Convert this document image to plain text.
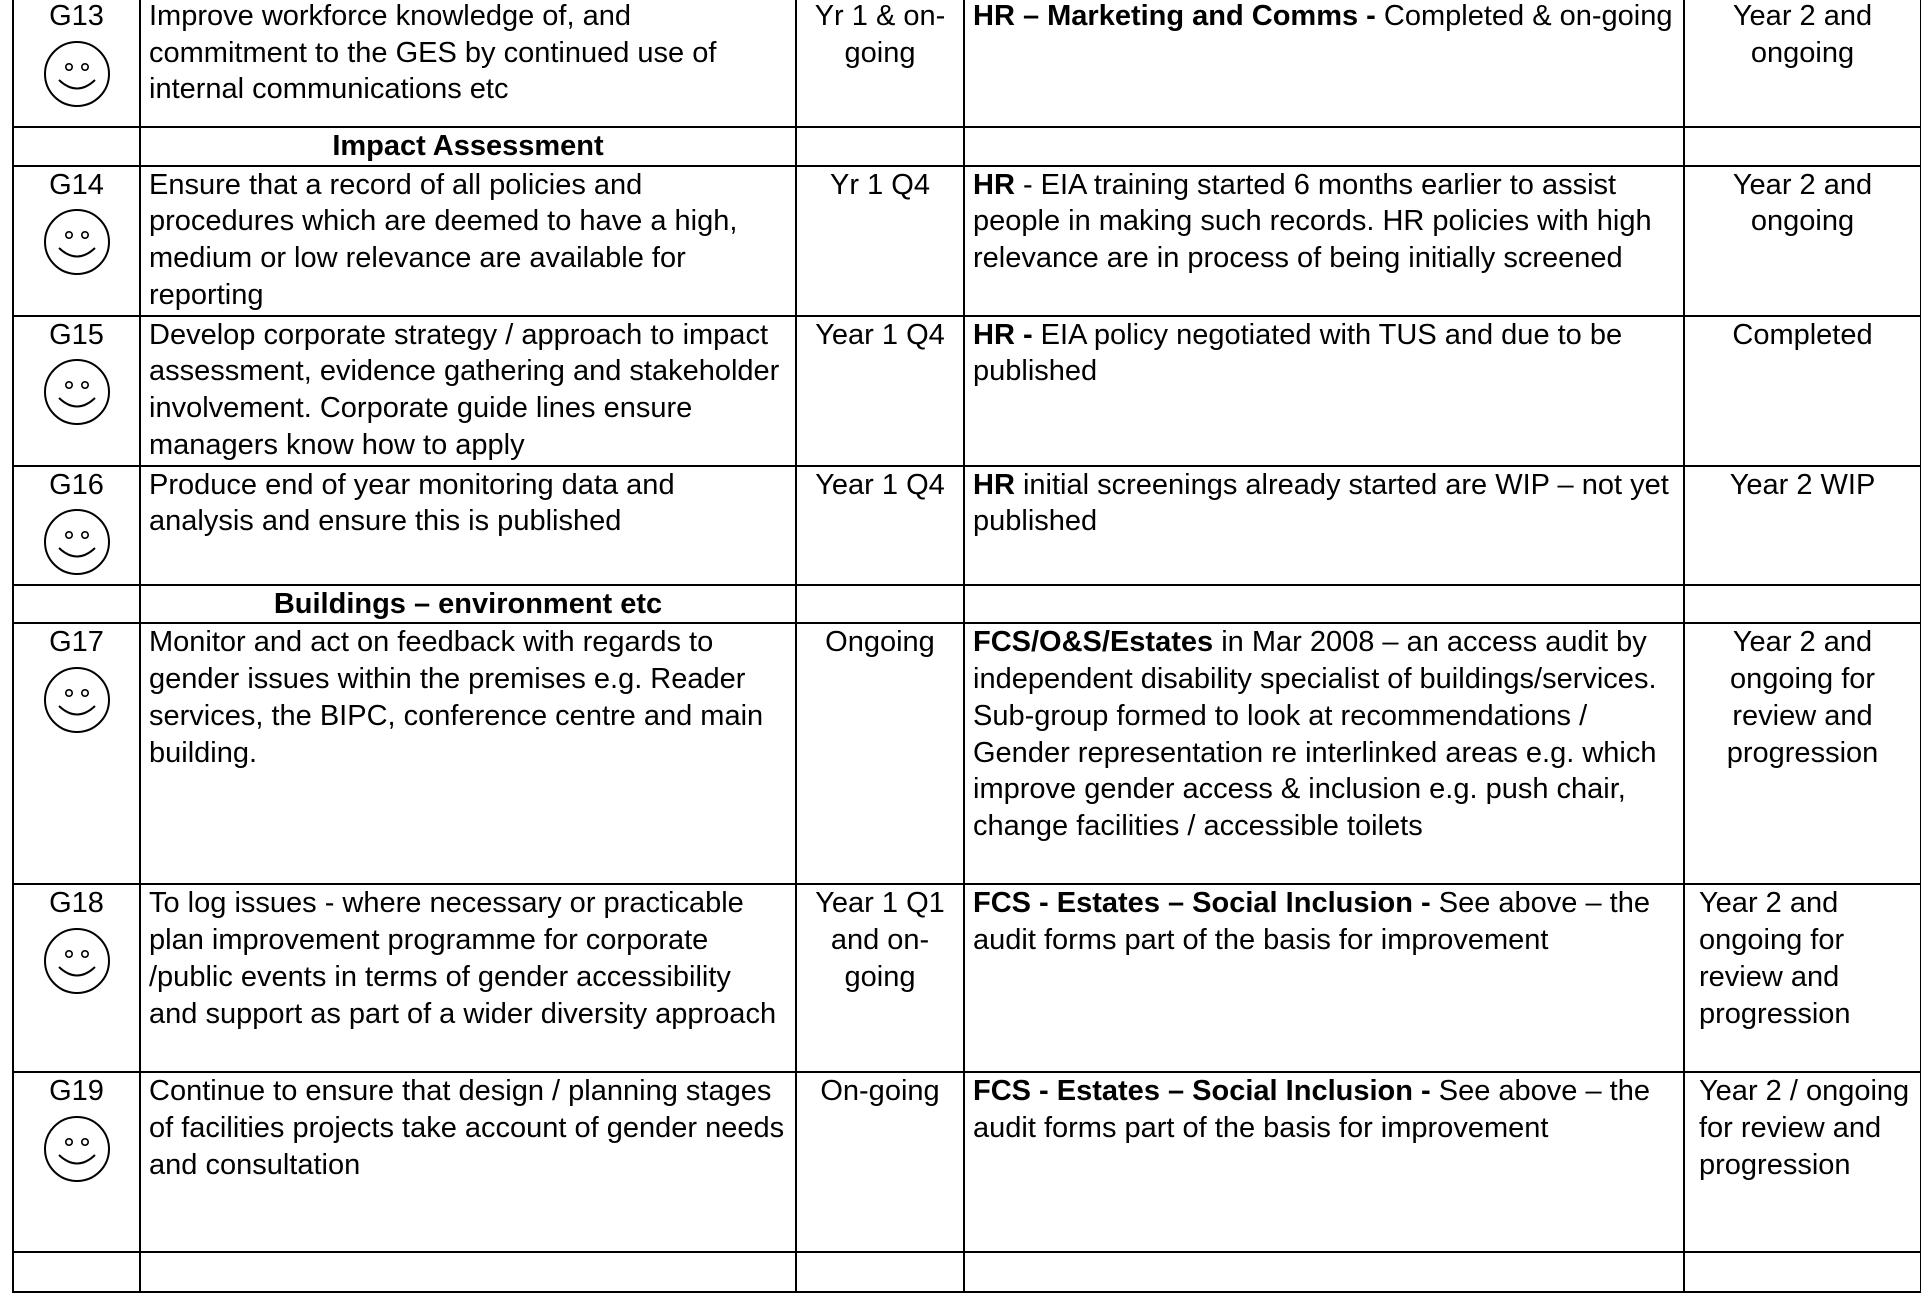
G13	Improve workforce knowledge of, and commitment to the GES by continued use of internal communications etc	Yr 1 & on-going	HR – Marketing and Comms - Completed & on-going	Year 2 and ongoing
	Impact Assessment			

G14	Ensure that a record of all policies and procedures which are deemed to have a high, medium or low relevance are available for reporting	Yr 1 Q4	HR - EIA training started 6 months earlier to assist people in making such records. HR policies with high relevance are in process of being initially screened	Year 2 and ongoing

G15	Develop corporate strategy / approach to impact assessment, evidence gathering and stakeholder involvement. Corporate guide lines ensure managers know how to apply	Year 1 Q4	HR - EIA policy negotiated with TUS and due to be published	Completed

G16	Produce end of year monitoring data and analysis and ensure this is published	Year 1 Q4	HR initial screenings already started are WIP – not yet published	Year 2 WIP
	Buildings – environment etc			

G17	Monitor and act on feedback with regards to gender issues within the premises e.g. Reader services, the BIPC, conference centre and main building.	Ongoing	FCS/O&S/Estates in Mar 2008 – an access audit by independent disability specialist of buildings/services. Sub-group formed to look at recommendations / Gender representation re interlinked areas e.g. which improve gender access & inclusion e.g. push chair, change facilities / accessible toilets	Year 2 and ongoing for review and progression

G18	To log issues - where necessary or practicable plan improvement programme for corporate /public events in terms of gender accessibility and support as part of a wider diversity approach	Year 1 Q1 and on-going	FCS - Estates – Social Inclusion - See above – the audit forms part of the basis for improvement	Year 2 and ongoing for review and progression

G19	Continue to ensure that design / planning stages of facilities projects take account of gender needs and consultation	On-going	FCS - Estates – Social Inclusion - See above – the audit forms part of the basis for improvement	Year 2 / ongoing for review and progression
